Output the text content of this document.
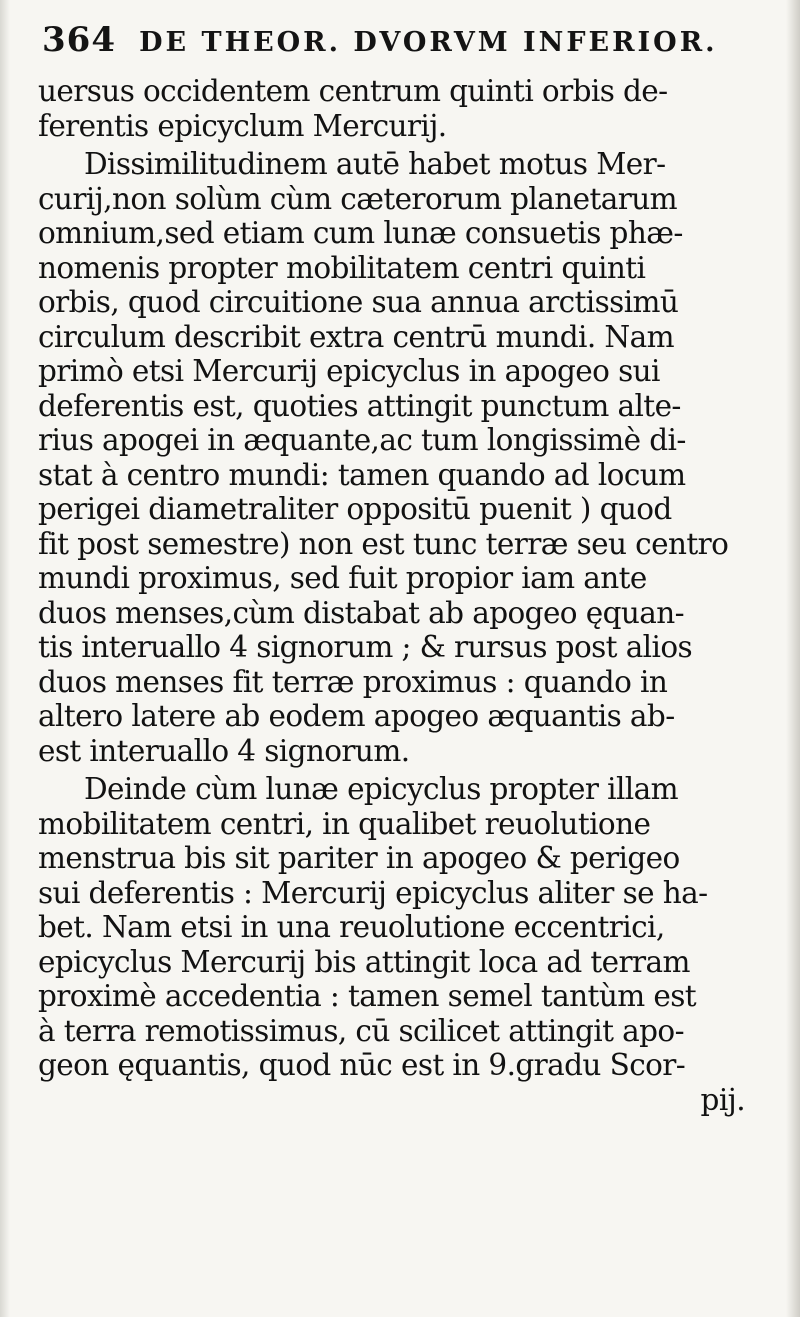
364 DE THEOR. DVORVM INFERIOR.
uersus occidentem centrum quinti orbis de-
ferentis epicyclum Mercurij.
Dissimilitudinem autē habet motus Mer-
curij,non solùm cùm cæterorum planetarum
omnium,sed etiam cum lunæ consuetis phæ-
nomenis propter mobilitatem centri quinti
orbis, quod circuitione sua annua arctissimū
circulum describit extra centrū mundi. Nam
primò etsi Mercurij epicyclus in apogeo sui
deferentis est, quoties attingit punctum alte-
rius apogei in æquante,ac tum longissimè di-
stat à centro mundi: tamen quando ad locum
perigei diametraliter oppositū puenit ) quod
fit post semestre) non est tunc terræ seu centro
mundi proximus, sed fuit propior iam ante
duos menses,cùm distabat ab apogeo ęquan-
tis interuallo 4 signorum ; & rursus post alios
duos menses fit terræ proximus : quando in
altero latere ab eodem apogeo æquantis ab-
est interuallo 4 signorum.
Deinde cùm lunæ epicyclus propter illam
mobilitatem centri, in qualibet reuolutione
menstrua bis sit pariter in apogeo & perigeo
sui deferentis : Mercurij epicyclus aliter se ha-
bet. Nam etsi in una reuolutione eccentrici,
epicyclus Mercurij bis attingit loca ad terram
proximè accedentia : tamen semel tantùm est
à terra remotissimus, cū scilicet attingit apo-
geon ęquantis, quod nūc est in 9.gradu Scor-
pij.
